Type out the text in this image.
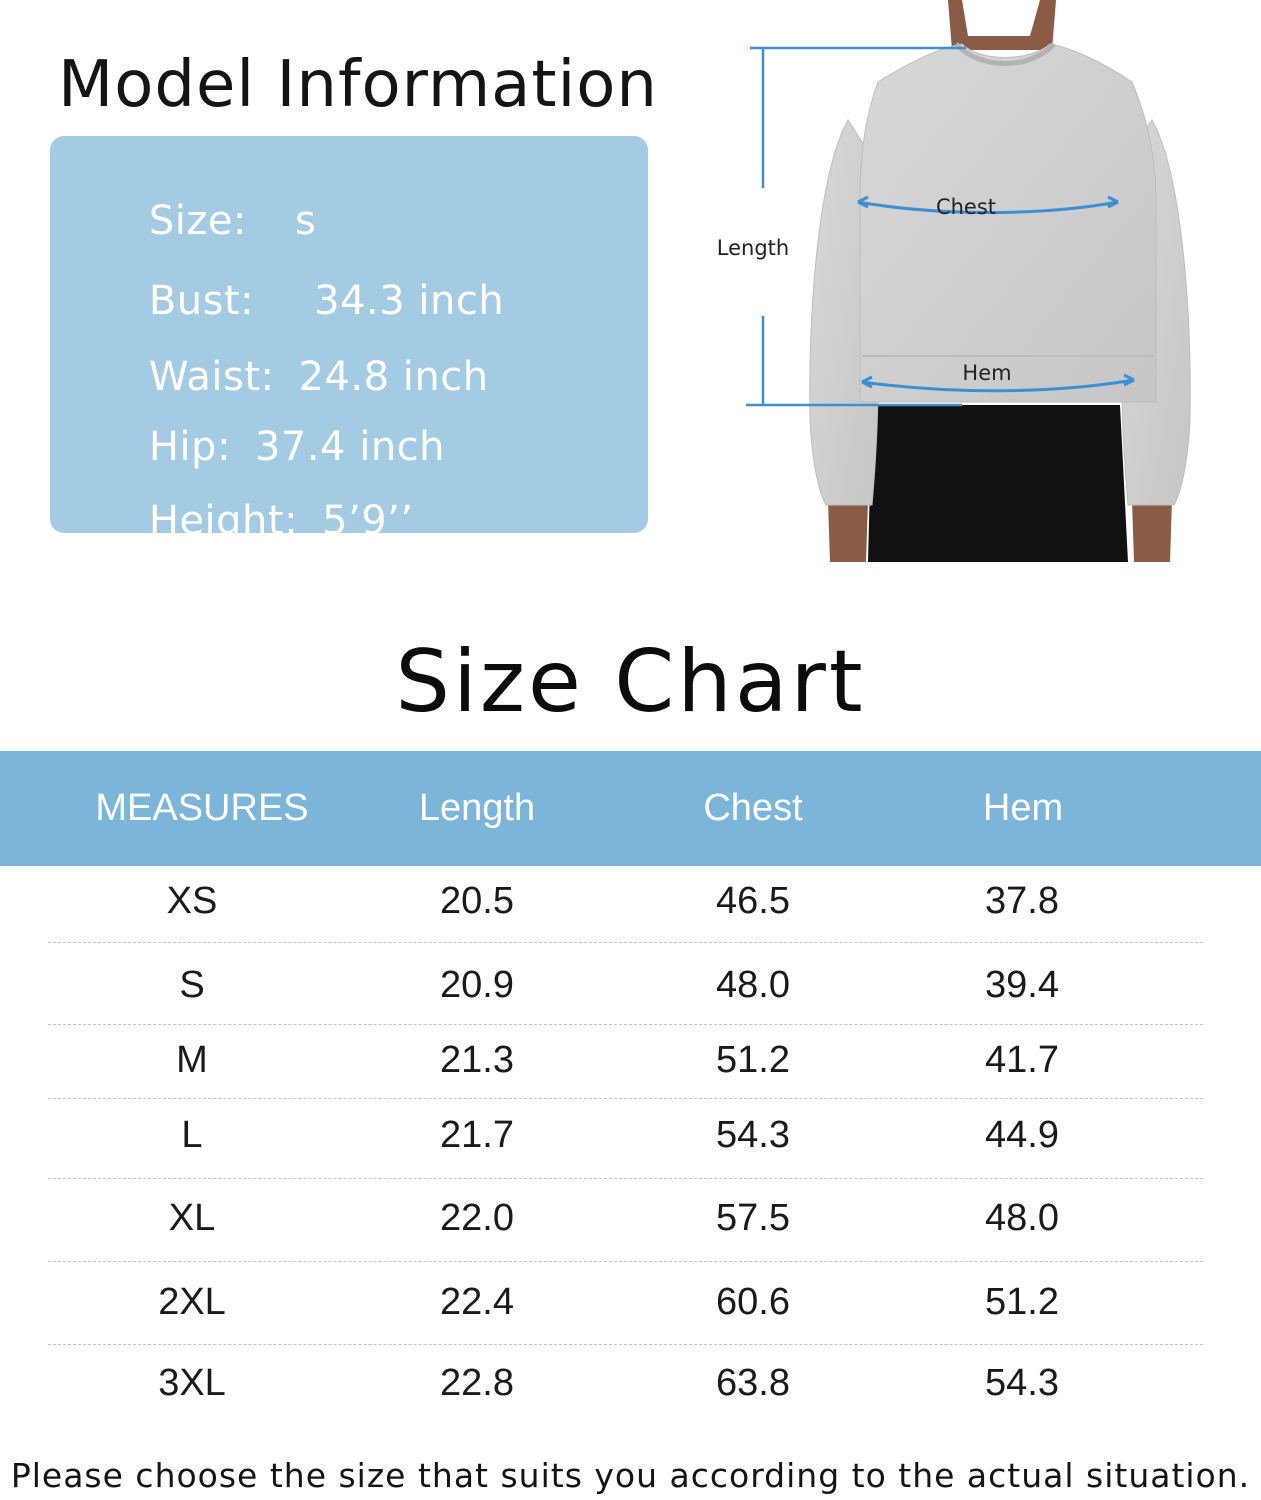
Model Information

Size: s

Bust: 34.3 inch

Waist: 24.8 inch

Hip: 37.4 inch

Height: 5’9’’

Length
Chest
Hem
Size Chart
MEASURES	Length	Chest	Hem
XS	20.5	46.5	37.8
S	20.9	48.0	39.4
M	21.3	51.2	41.7
L	21.7	54.3	44.9
XL	22.0	57.5	48.0
2XL	22.4	60.6	51.2
3XL	22.8	63.8	54.3
Please choose the size that suits you according to the actual situation.
